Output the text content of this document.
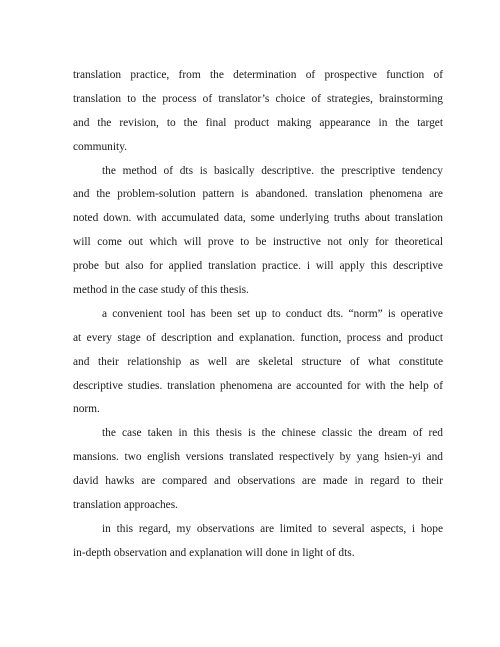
translation practice, from the determination of prospective function of
translation to the process of translator’s choice of strategies, brainstorming
and the revision, to the final product making appearance in the target
community.
the method of dts is basically descriptive. the prescriptive tendency
and the problem-solution pattern is abandoned. translation phenomena are
noted down. with accumulated data, some underlying truths about translation
will come out which will prove to be instructive not only for theoretical
probe but also for applied translation practice. i will apply this descriptive
method in the case study of this thesis.
a convenient tool has been set up to conduct dts. “norm” is operative
at every stage of description and explanation. function, process and product
and their relationship as well are skeletal structure of what constitute
descriptive studies. translation phenomena are accounted for with the help of
norm.
the case taken in this thesis is the chinese classic the dream of red
mansions. two english versions translated respectively by yang hsien-yi and
david hawks are compared and observations are made in regard to their
translation approaches.
in this regard, my observations are limited to several aspects, i hope
in-depth observation and explanation will done in light of dts.
